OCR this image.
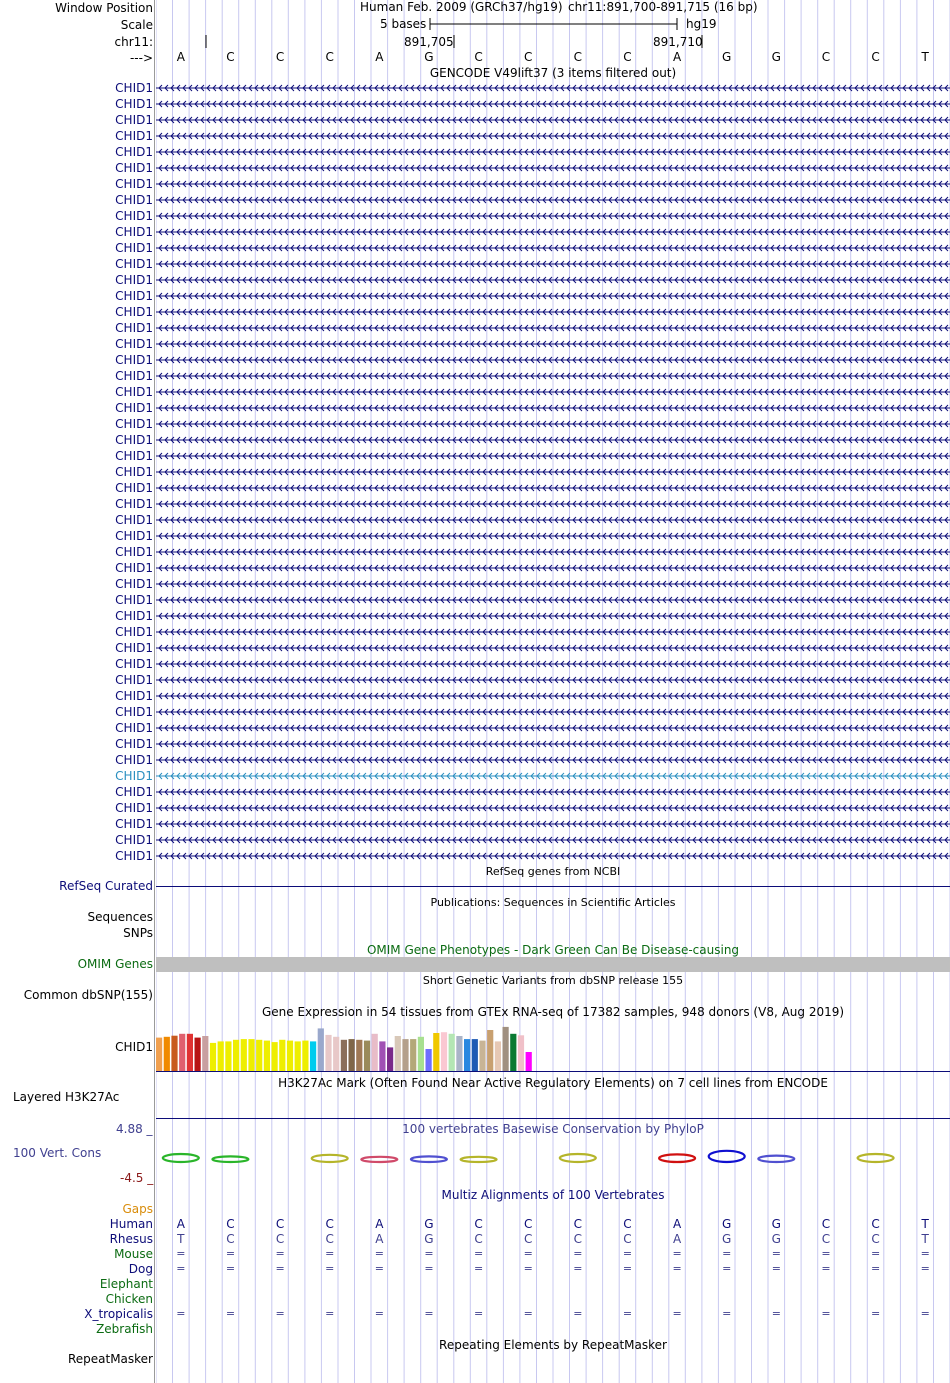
Window Position	Human Feb. 2009 (GRCh37/hg19) chr11:891,700-891,715 (16 bp)
Scale	5 bases	hg19
chr11:	891,705	891,710
--->	A	C	C	C	A	G	C	C	C	C	A	G	G	C	C	T
GENCODE V49lift37 (3 items filtered out)
CHID1
CHID1
CHID1
CHID1
CHID1
CHID1
CHID1
CHID1
CHID1
CHID1
CHID1
CHID1
CHID1
CHID1
CHID1
CHID1
CHID1
CHID1
CHID1
CHID1
CHID1
CHID1
CHID1
CHID1
CHID1
CHID1
CHID1
CHID1
CHID1
CHID1
CHID1
CHID1
CHID1
CHID1
CHID1
CHID1
CHID1
CHID1
CHID1
CHID1
CHID1
CHID1
CHID1
CHID1
CHID1
CHID1
CHID1
CHID1
CHID1
RefSeq genes from NCBI
RefSeq Curated
Publications: Sequences in Scientific Articles
Sequences
SNPs
OMIM Gene Phenotypes - Dark Green Can Be Disease-causing
OMIM Genes
Short Genetic Variants from dbSNP release 155
Common dbSNP(155)
Gene Expression in 54 tissues from GTEx RNA-seq of 17382 samples, 948 donors (V8, Aug 2019)
CHID1
H3K27Ac Mark (Often Found Near Active Regulatory Elements) on 7 cell lines from ENCODE
Layered H3K27Ac
100 vertebrates Basewise Conservation by PhyloP
4.88 _
100 Vert. Cons
-4.5 _
Multiz Alignments of 100 Vertebrates
Gaps
Human	A	C	C	C	A	G	C	C	C	C	A	G	G	C	C	T
Rhesus	T	C	C	C	A	G	C	C	C	C	A	G	G	C	C	T
Mouse	=	=	=	=	=	=	=	=	=	=	=	=	=	=	=	=
Dog	=	=	=	=	=	=	=	=	=	=	=	=	=	=	=	=
Elephant
Chicken
X_tropicalis	=	=	=	=	=	=	=	=	=	=	=	=	=	=	=	=
Zebrafish
Repeating Elements by RepeatMasker
RepeatMasker
